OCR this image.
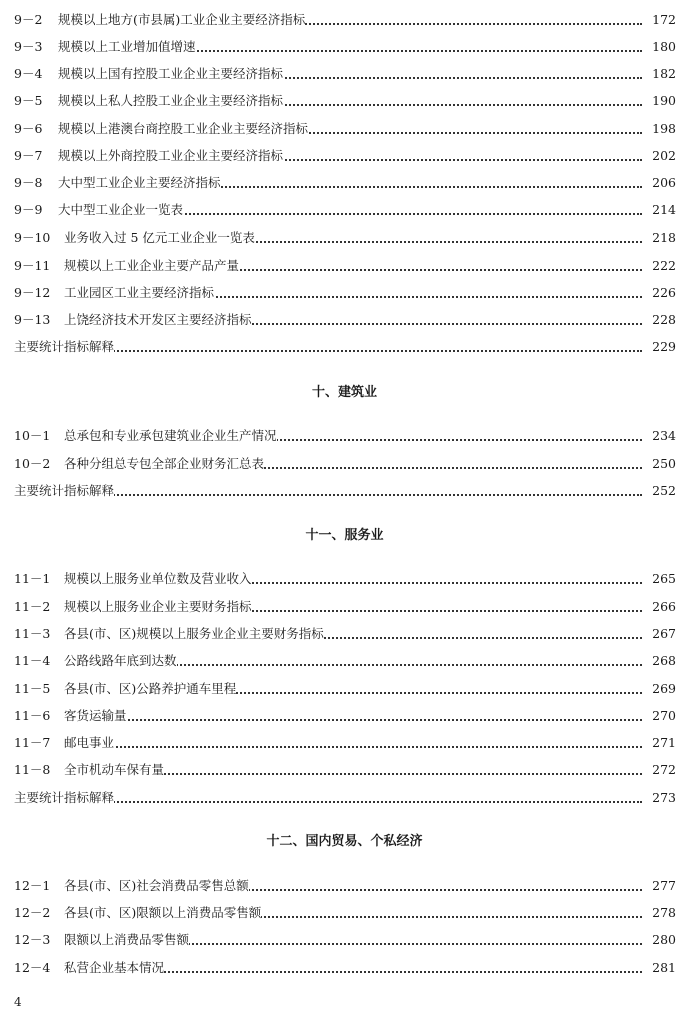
9－2 规模以上地方(市县属)工业企业主要经济指标	172
9－3 规模以上工业增加值增速	180
9－4 规模以上国有控股工业企业主要经济指标	182
9－5 规模以上私人控股工业企业主要经济指标	190
9－6 规模以上港澳台商控股工业企业主要经济指标	198
9－7 规模以上外商控股工业企业主要经济指标	202
9－8 大中型工业企业主要经济指标	206
9－9 大中型工业企业一览表	214
9－10 业务收入过 5 亿元工业企业一览表	218
9－11 规模以上工业企业主要产品产量	222
9－12 工业园区工业主要经济指标	226
9－13 上饶经济技术开发区主要经济指标	228
主要统计指标解释	229
十、建筑业
10－1 总承包和专业承包建筑业企业生产情况	234
10－2 各种分组总专包全部企业财务汇总表	250
主要统计指标解释	252
十一、服务业
11－1 规模以上服务业单位数及营业收入	265
11－2 规模以上服务业企业主要财务指标	266
11－3 各县(市、区)规模以上服务业企业主要财务指标	267
11－4 公路线路年底到达数	268
11－5 各县(市、区)公路养护通车里程	269
11－6 客货运输量	270
11－7 邮电事业	271
11－8 全市机动车保有量	272
主要统计指标解释	273
十二、国内贸易、个私经济
12－1 各县(市、区)社会消费品零售总额	277
12－2 各县(市、区)限额以上消费品零售额	278
12－3 限额以上消费品零售额	280
12－4 私营企业基本情况	281
4
